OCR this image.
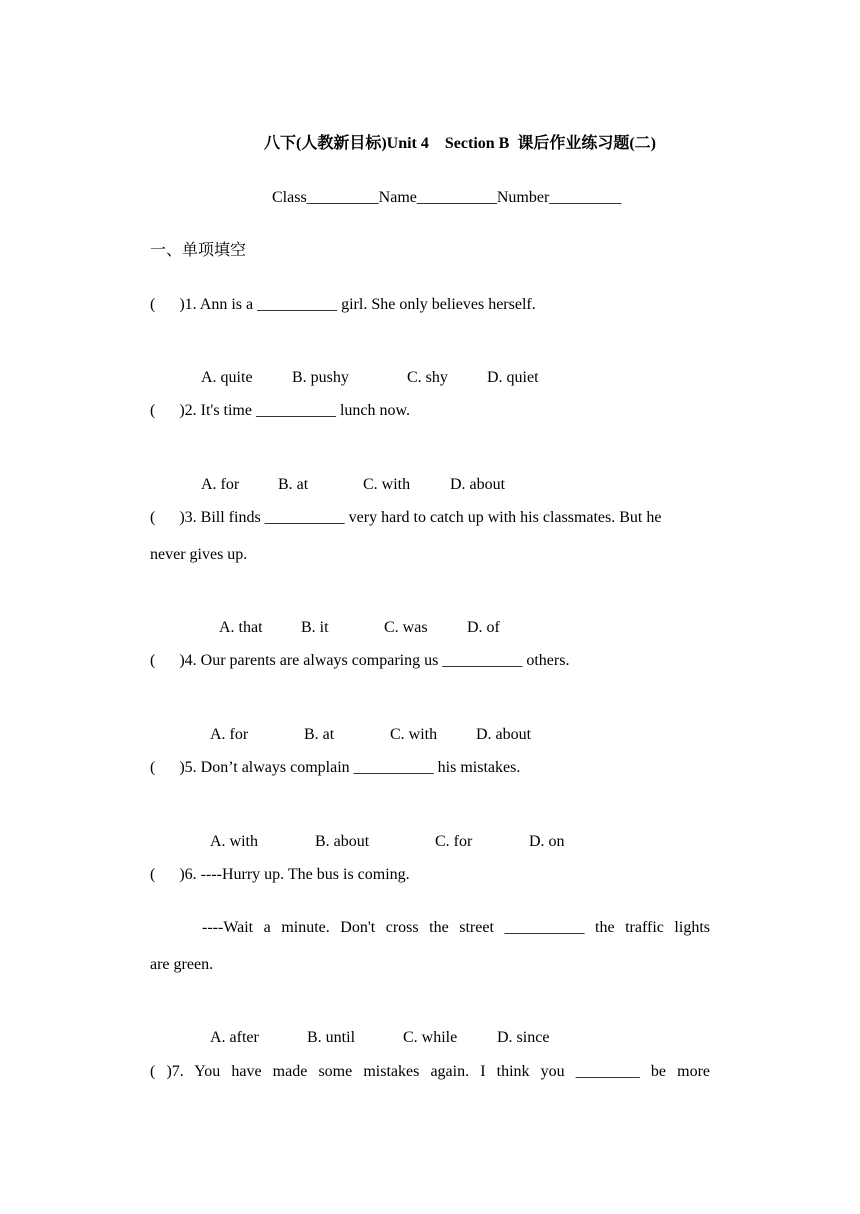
八下(人教新目标)Unit 4    Section B  课后作业练习题(二)
Class_________Name__________Number_________
一、单项填空
(      )1. Ann is a __________ girl. She only believes herself.

A. quite B. pushy	C. shy D. quiet

(      )2. It's time __________ lunch now.

A. for B. at	C. with D. about

(      )3. Bill finds __________ very hard to catch up with his classmates. But he
never gives up.

A. that B. it	C. was D. of

(      )4. Our parents are always comparing us __________ others.

A. for	B. at	C. with D. about

(      )5. Don’t always complain __________ his mistakes.

A. with	B. about	C. for	D. on

(      )6. ----Hurry up. The bus is coming.
----Wait a minute. Don't cross the street __________ the traffic lights
are green.

A. after	B. until	C. while D. since

( )7. You have made some mistakes again. I think you ________ be more
